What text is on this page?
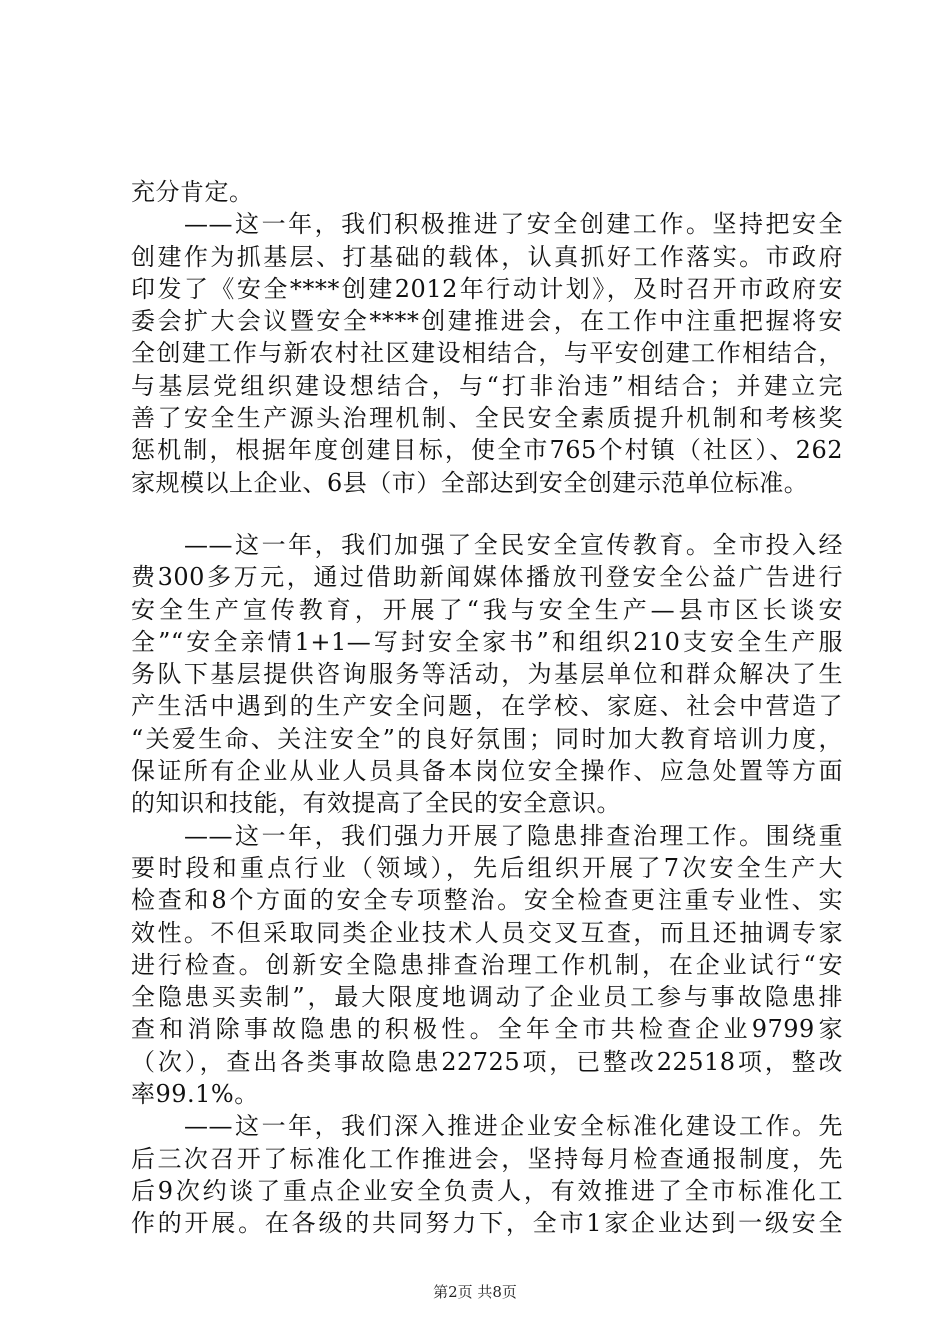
充分肯定。
　　——这一年，我们积极推进了安全创建工作。坚持把安全
创建作为抓基层、打基础的载体，认真抓好工作落实。市政府
印发了《安全****创建2012年行动计划》，及时召开市政府安
委会扩大会议暨安全****创建推进会，在工作中注重把握将安
全创建工作与新农村社区建设相结合，与平安创建工作相结合，
与基层党组织建设想结合，与“打非治违”相结合；并建立完
善了安全生产源头治理机制、全民安全素质提升机制和考核奖
惩机制，根据年度创建目标，使全市765个村镇（社区）、262
家规模以上企业、6县（市）全部达到安全创建示范单位标准。
　　——这一年，我们加强了全民安全宣传教育。全市投入经
费300多万元，通过借助新闻媒体播放刊登安全公益广告进行
安全生产宣传教育，开展了“我与安全生产—县市区长谈安
全”“安全亲情1+1—写封安全家书”和组织210支安全生产服
务队下基层提供咨询服务等活动，为基层单位和群众解决了生
产生活中遇到的生产安全问题，在学校、家庭、社会中营造了
“关爱生命、关注安全”的良好氛围；同时加大教育培训力度，
保证所有企业从业人员具备本岗位安全操作、应急处置等方面
的知识和技能，有效提高了全民的安全意识。
　　——这一年，我们强力开展了隐患排查治理工作。围绕重
要时段和重点行业（领域），先后组织开展了7次安全生产大
检查和8个方面的安全专项整治。安全检查更注重专业性、实
效性。不但采取同类企业技术人员交叉互查，而且还抽调专家
进行检查。创新安全隐患排查治理工作机制，在企业试行“安
全隐患买卖制”，最大限度地调动了企业员工参与事故隐患排
查和消除事故隐患的积极性。全年全市共检查企业9799家
（次），查出各类事故隐患22725项，已整改22518项，整改
率99.1%。
　　——这一年，我们深入推进企业安全标准化建设工作。先
后三次召开了标准化工作推进会，坚持每月检查通报制度，先
后9次约谈了重点企业安全负责人，有效推进了全市标准化工
作的开展。在各级的共同努力下，全市1家企业达到一级安全
第2页 共8页
